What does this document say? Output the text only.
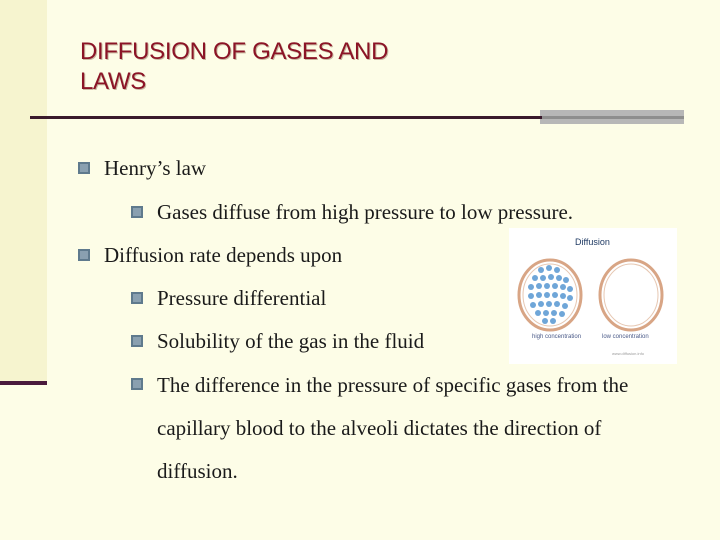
DIFFUSION OF GASES AND
LAWS
Henry’s law
Gases diffuse from high pressure to low pressure.
Diffusion rate depends upon
Pressure differential
Solubility of the gas in the fluid
The difference in the pressure of specific gases from the capillary blood to the alveoli dictates the direction of diffusion.
Diffusion
high concentration	low concentration
www.diffusion.info
